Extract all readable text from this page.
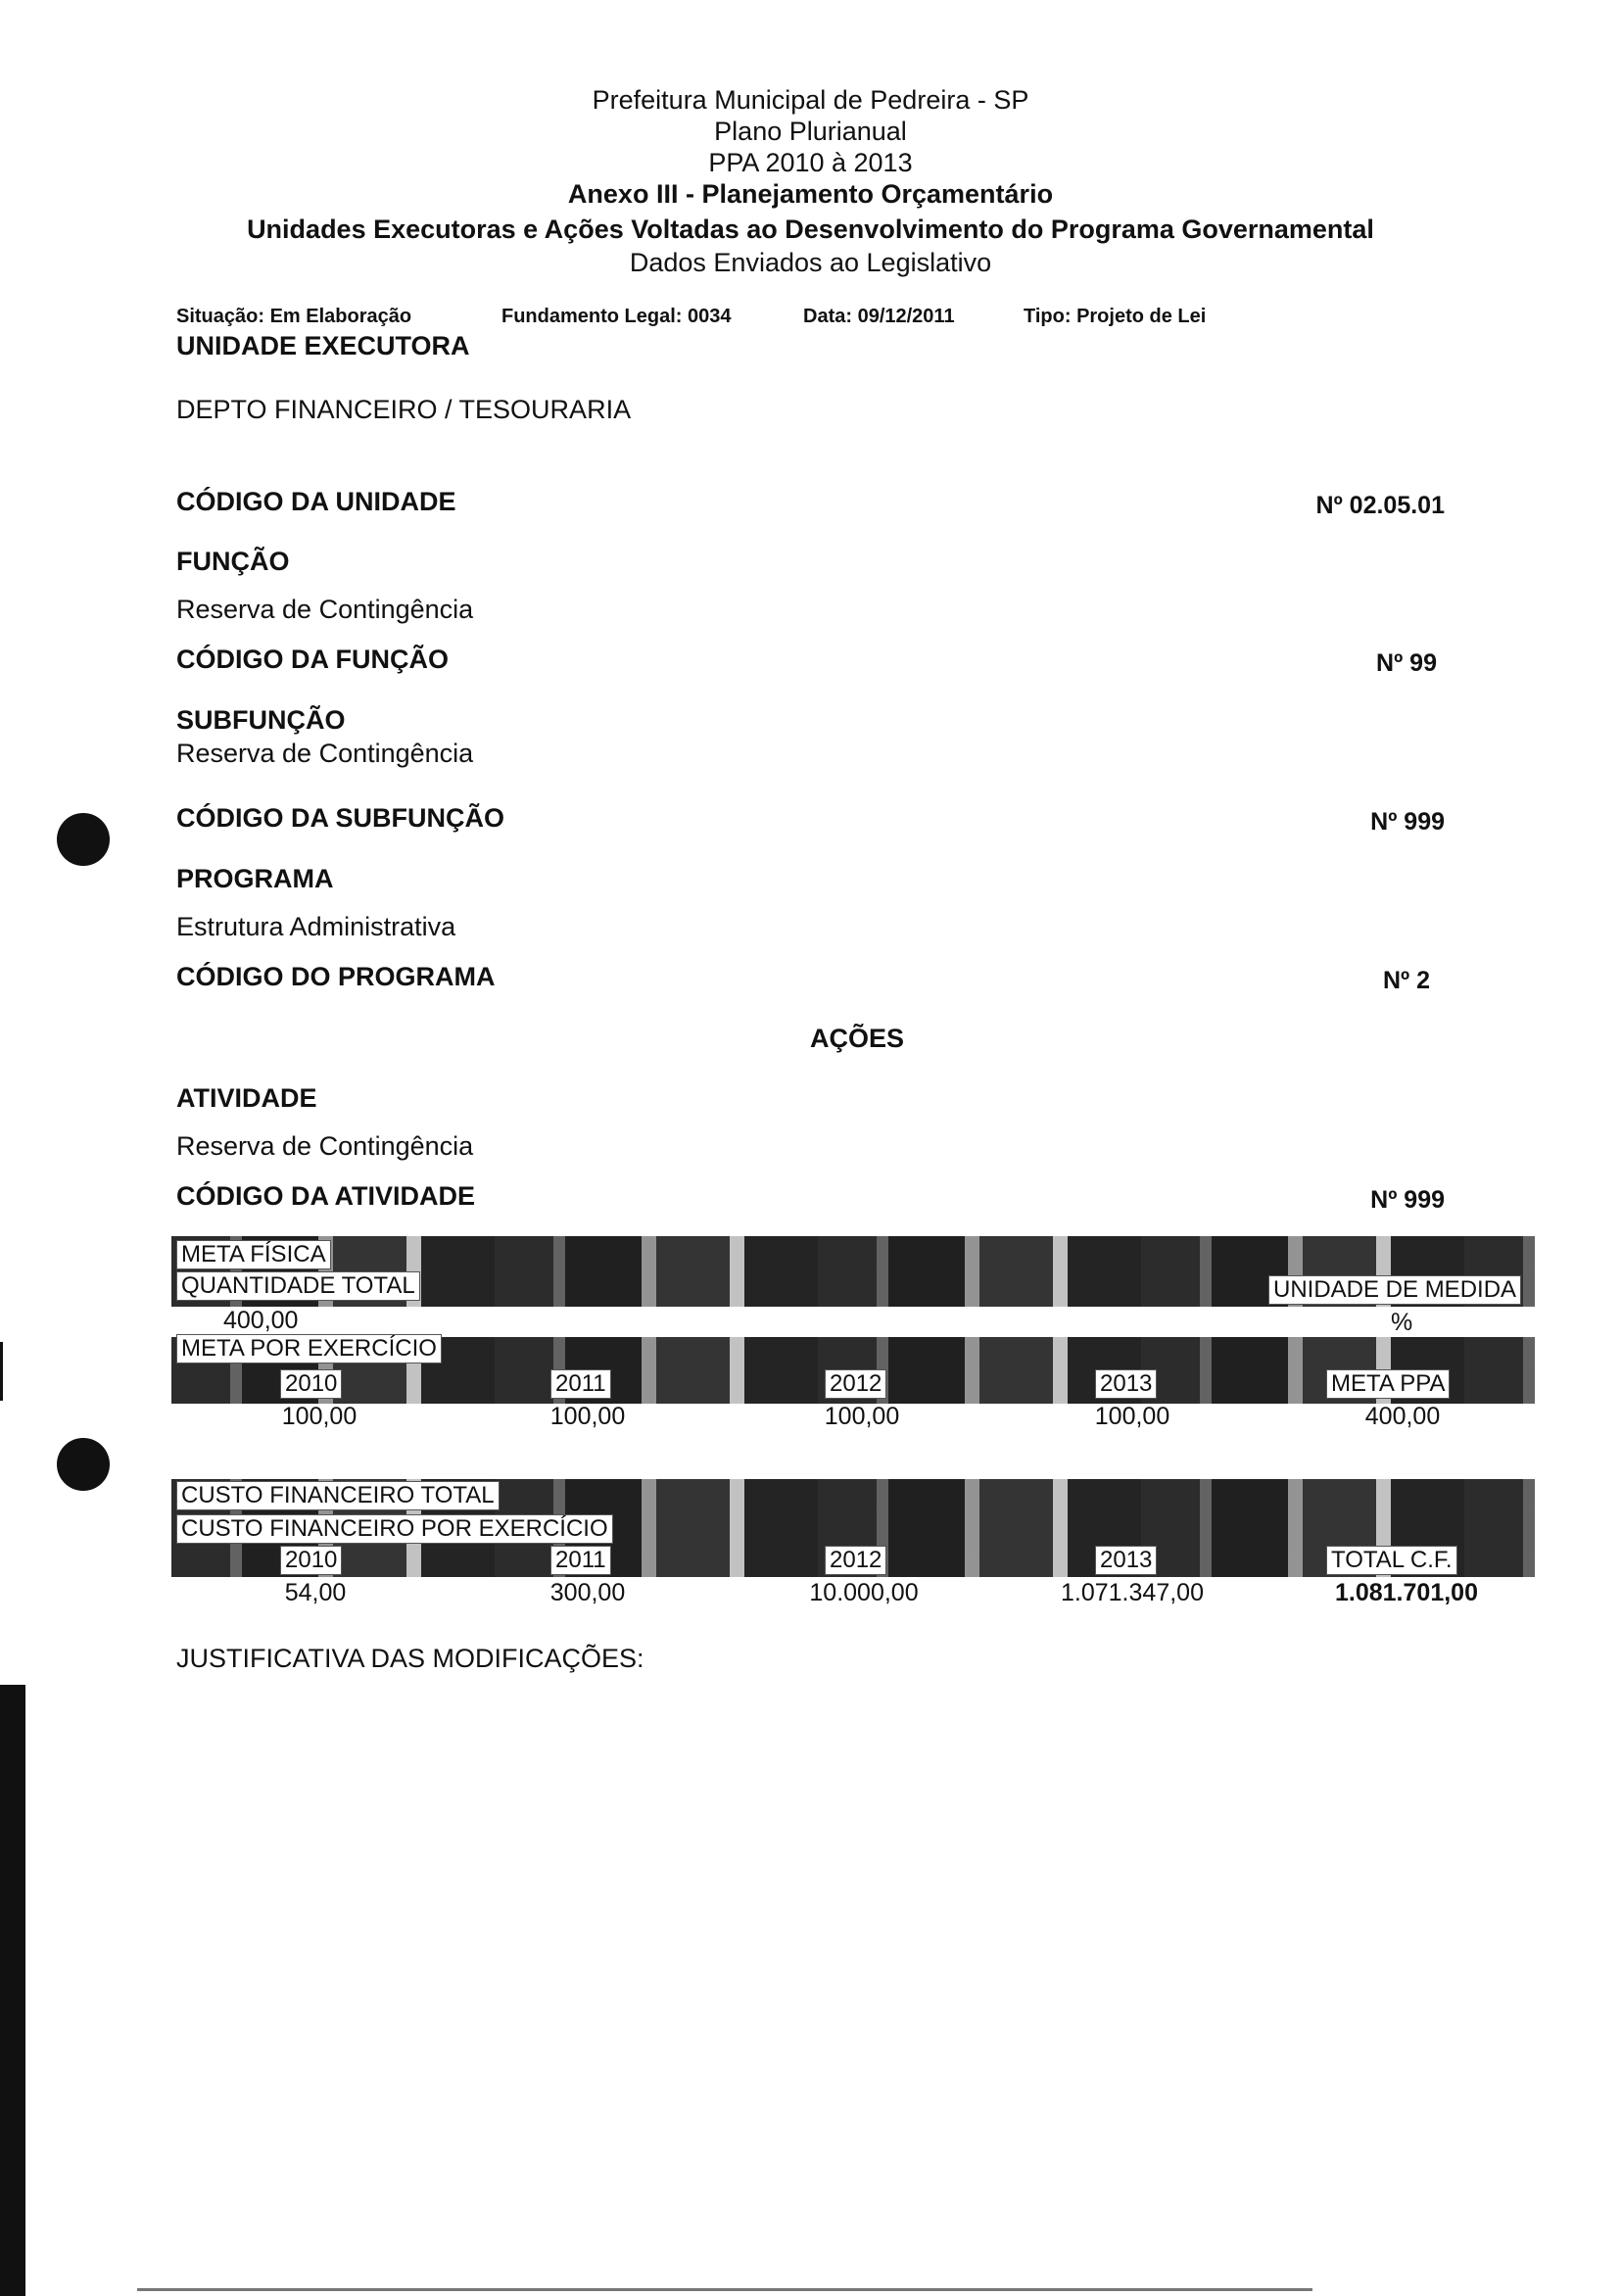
Prefeitura Municipal de Pedreira - SP
Plano Plurianual
PPA 2010 à 2013
Anexo III - Planejamento Orçamentário
Unidades Executoras e Ações Voltadas ao Desenvolvimento do Programa Governamental
Dados Enviados ao Legislativo
Situação: Em Elaboração	Fundamento Legal: 0034	Data: 09/12/2011	Tipo: Projeto de Lei
UNIDADE EXECUTORA
DEPTO FINANCEIRO / TESOURARIA
CÓDIGO DA UNIDADE	Nº 02.05.01
FUNÇÃO
Reserva de Contingência
CÓDIGO DA FUNÇÃO	Nº 99
SUBFUNÇÃO
Reserva de Contingência
CÓDIGO DA SUBFUNÇÃO	Nº 999
PROGRAMA
Estrutura Administrativa
CÓDIGO DO PROGRAMA	Nº 2
AÇÕES
ATIVIDADE
Reserva de Contingência
CÓDIGO DA ATIVIDADE	Nº 999
META FÍSICA
QUANTIDADE TOTAL	UNIDADE DE MEDIDA
400,00	%
META POR EXERCÍCIO
2010	2011	2012	2013	META PPA
100,00	100,00	100,00	100,00	400,00
CUSTO FINANCEIRO TOTAL
CUSTO FINANCEIRO POR EXERCÍCIO
2010	2011	2012	2013	TOTAL C.F.
54,00	300,00	10.000,00	1.071.347,00	1.081.701,00
JUSTIFICATIVA DAS MODIFICAÇÕES:
